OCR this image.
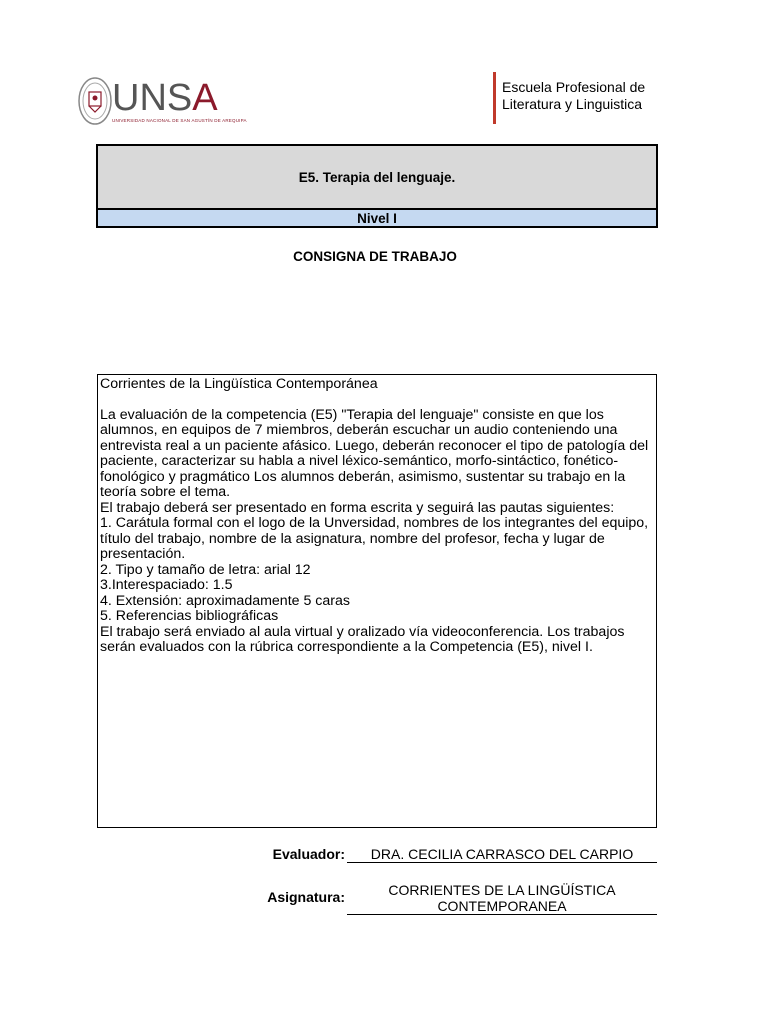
UNSA
UNIVERSIDAD NACIONAL DE SAN AGUSTÍN DE AREQUIPA
Escuela Profesional de
Literatura y Linguistica
E5. Terapia del lenguaje.
Nivel I
CONSIGNA DE TRABAJO

Corrientes de la Lingüística Contemporánea

La evaluación de la competencia (E5) "Terapia del lenguaje" consiste en que los alumnos, en equipos de 7 miembros, deberán escuchar un audio conteniendo una entrevista real a un paciente afásico. Luego, deberán reconocer el tipo de patología del paciente, caracterizar su habla a nivel léxico-semántico, morfo-sintáctico, fonético-fonológico y pragmático Los alumnos deberán, asimismo, sustentar su trabajo en la teoría sobre el tema.

El trabajo deberá ser presentado en forma escrita y seguirá las pautas siguientes:

1. Carátula formal con el logo de la Unversidad, nombres de los integrantes del equipo, título del trabajo, nombre de la asignatura, nombre del profesor, fecha y lugar de presentación.

2. Tipo y tamaño de letra: arial 12

3.Interespaciado: 1.5

4. Extensión: aproximadamente 5 caras

5. Referencias bibliográficas

El trabajo será enviado al aula virtual y oralizado vía videoconferencia. Los trabajos serán evaluados con la rúbrica correspondiente a la Competencia (E5), nivel I.

Evaluador:	DRA. CECILIA CARRASCO DEL CARPIO
Asignatura:	CORRIENTES DE LA LINGÜÍSTICA
CONTEMPORANEA
